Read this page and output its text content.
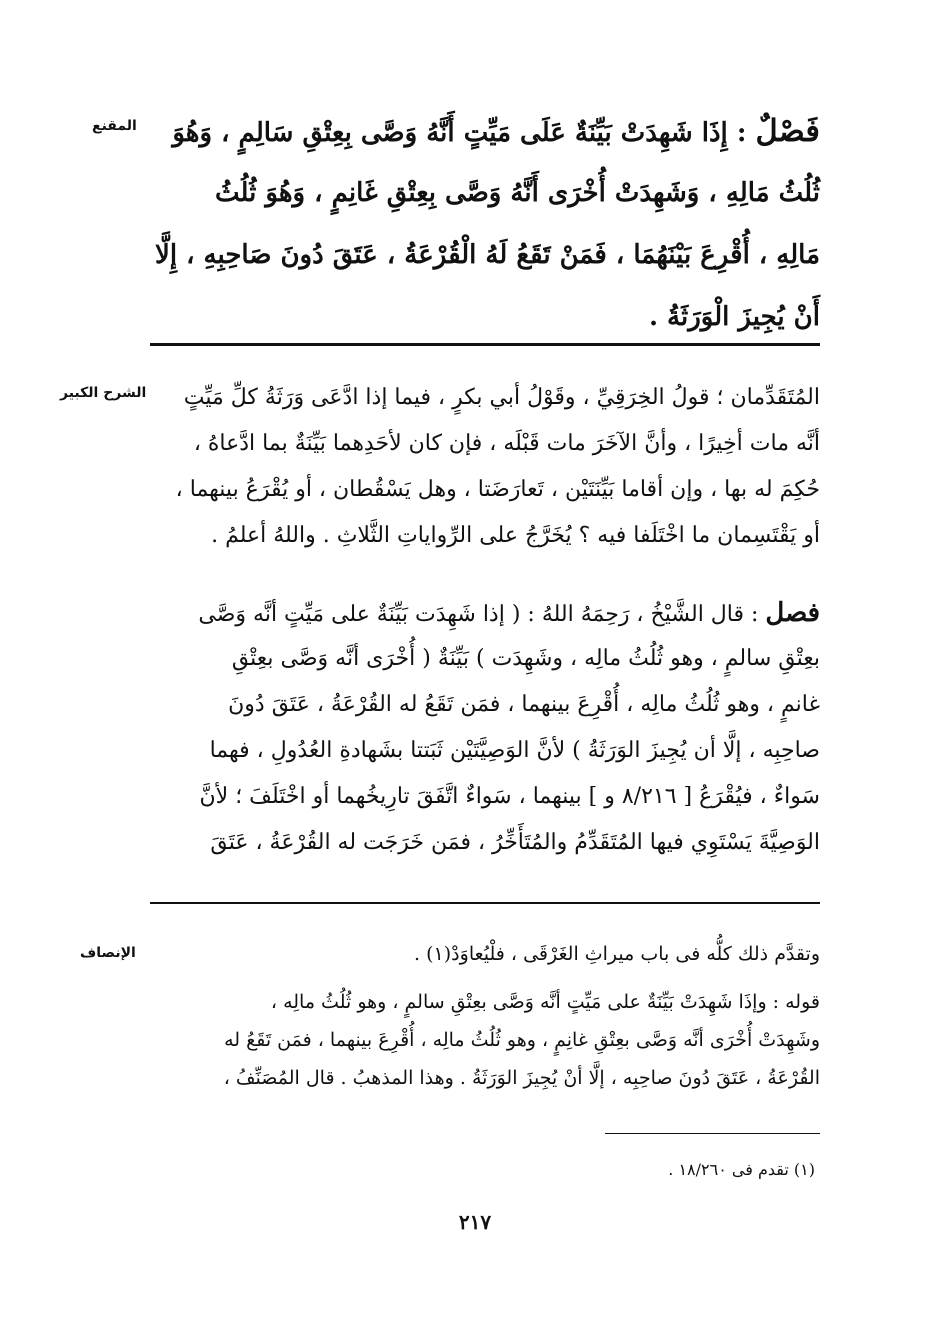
المقنع	فَصْلٌ : إِذَا شَهِدَتْ بَيِّنَةٌ عَلَى مَيِّتٍ أَنَّهُ وَصَّى بِعِتْقِ سَالِمٍ ، وَهُوَ
ثُلُثُ مَالِهِ ، وَشَهِدَتْ أُخْرَى أَنَّهُ وَصَّى بِعِتْقِ غَانِمٍ ، وَهُوَ ثُلُثُ
مَالِهِ ، أُقْرِعَ بَيْنَهُمَا ، فَمَنْ تَقَعُ لَهُ الْقُرْعَةُ ، عَتَقَ دُونَ صَاحِبِهِ ، إِلَّا
أَنْ يُجِيزَ الْوَرَثَةُ .
الشرح الكبير	المُتَقَدِّمان ؛ قولُ الخِرَقِيِّ ، وقَوْلُ أبي بكرٍ ، فيما إذا ادَّعَى وَرَثَةُ كلِّ مَيِّتٍ
أنَّه مات أخِيرًا ، وأنَّ الآخَرَ مات قَبْلَه ، فإن كان لأحَدِهما بَيِّنَةٌ بما ادَّعاهُ ،
حُكِمَ له بها ، وإن أقاما بَيِّنَتَيْن ، تَعارَضَتا ، وهل يَسْقُطان ، أو يُقْرَعُ بينهما ،
أو يَقْتَسِمان ما اخْتَلَفا فيه ؟ يُخَرَّجُ على الرِّواياتِ الثَّلاثِ . واللهُ أعلمُ .
فصل : قال الشَّيْخُ ، رَحِمَهُ اللهُ : ( إذا شَهِدَت بَيِّنَةٌ على مَيِّتٍ أنَّه وَصَّى
بعِتْقِ سالمٍ ، وهو ثُلُثُ مالِه ، وشَهِدَت ) بَيِّنَةٌ ( أُخْرَى أنَّه وَصَّى بعِتْقِ
غانمٍ ، وهو ثُلُثُ مالِه ، أُقْرِعَ بينهما ، فمَن تَقَعُ له القُرْعَةُ ، عَتَقَ دُونَ
صاحِبِه ، إلَّا أن يُجِيزَ الوَرَثَةُ ) لأنَّ الوَصِيَّتَيْن ثَبَتتا بشَهادةِ العُدُولِ ، فهما
سَواءٌ ، فيُقْرَعُ [ ٨/٢١٦ و ] بينهما ، سَواءٌ اتَّفَقَ تارِيخُهما أو اخْتَلَفَ ؛ لأنَّ
الوَصِيَّةَ يَسْتَوِي فيها المُتَقَدِّمُ والمُتَأَخِّرُ ، فمَن خَرَجَت له القُرْعَةُ ، عَتَقَ
الإنصاف	وتقدَّم ذلك كلُّه فى باب ميراثِ الغَرْقَى ، فلْيُعاوَدْ(١) .
قوله : وإذَا شَهِدَتْ بَيِّنَةٌ على مَيِّتٍ أنَّه وَصَّى بعِتْقِ سالمٍ ، وهو ثُلُثُ مالِه ،
وشَهِدَتْ أُخْرَى أنَّه وَصَّى بعِتْقِ غانِمٍ ، وهو ثُلُثُ مالِه ، أُقْرِعَ بينهما ، فمَن تَقَعُ له
القُرْعَةُ ، عَتَقَ دُونَ صاحِبِه ، إلَّا أنْ يُجِيزَ الوَرَثَةُ . وهذا المذهبُ . قال المُصَنِّفُ ،
(١) تقدم فى ١٨/٢٦٠ .
٢١٧
